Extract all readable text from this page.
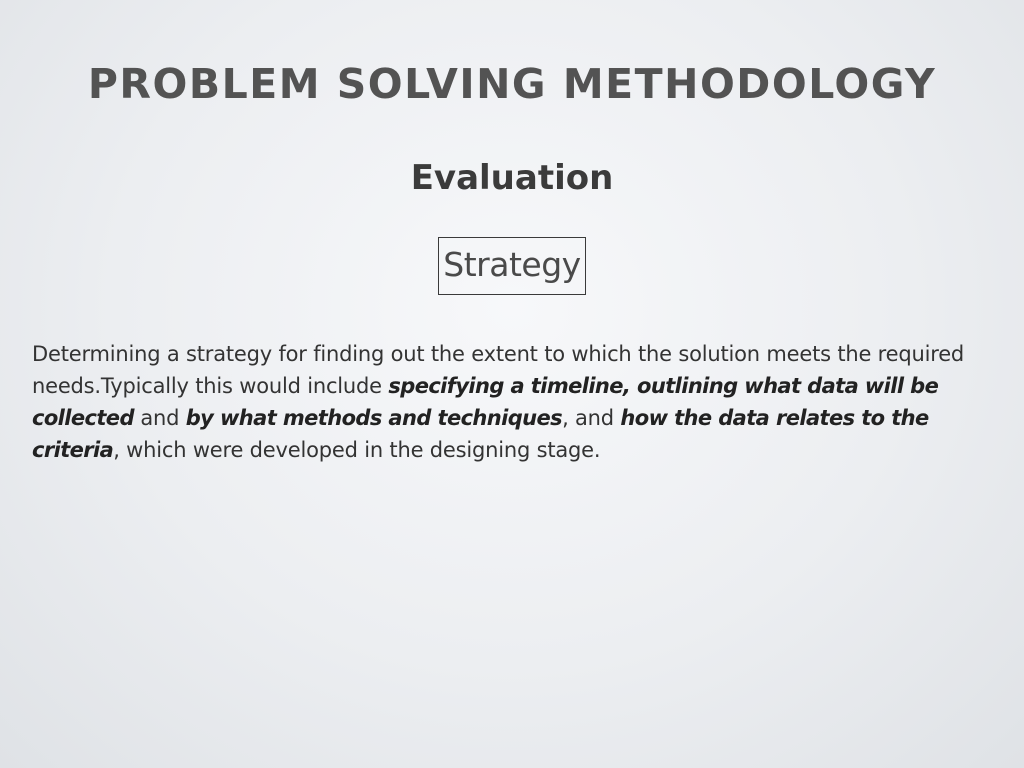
PROBLEM SOLVING METHODOLOGY
Evaluation
Strategy

Determining a strategy for finding out the extent to which the solution meets the required needs.Typically this would include specifying a timeline, outlining what data will be collected and by what methods and techniques, and how the data relates to the criteria, which were developed in the designing stage.
